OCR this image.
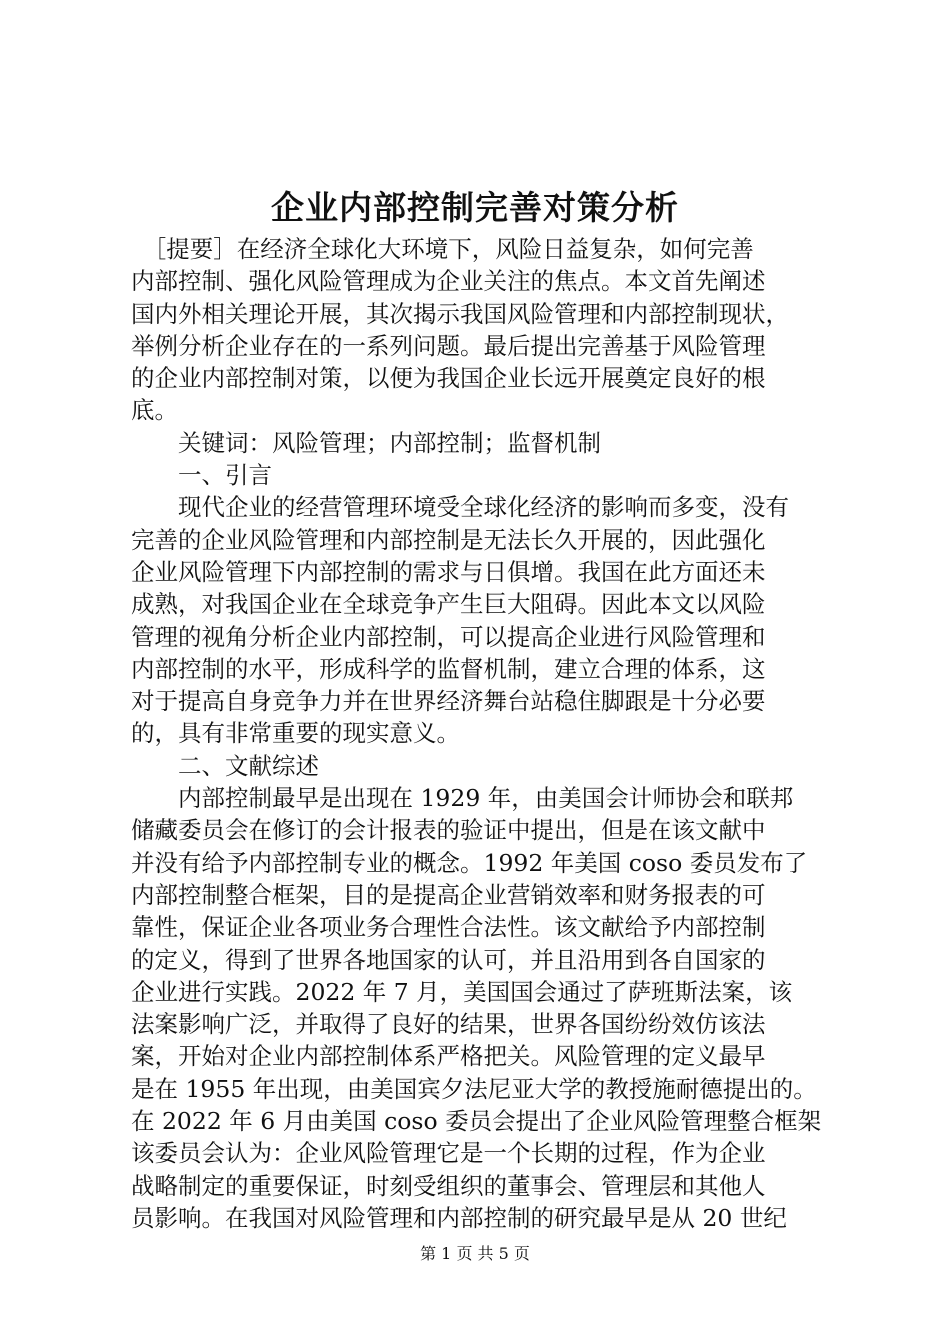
企业内部控制完善对策分析
　［提要］在经济全球化大环境下，风险日益复杂，如何完善
内部控制、强化风险管理成为企业关注的焦点。本文首先阐述
国内外相关理论开展，其次揭示我国风险管理和内部控制现状，
举例分析企业存在的一系列问题。最后提出完善基于风险管理
的企业内部控制对策，以便为我国企业长远开展奠定良好的根
底。
　　关键词：风险管理；内部控制；监督机制
　　一、引言
　　现代企业的经营管理环境受全球化经济的影响而多变，没有
完善的企业风险管理和内部控制是无法长久开展的，因此强化
企业风险管理下内部控制的需求与日俱增。我国在此方面还未
成熟，对我国企业在全球竞争产生巨大阻碍。因此本文以风险
管理的视角分析企业内部控制，可以提高企业进行风险管理和
内部控制的水平，形成科学的监督机制，建立合理的体系，这
对于提高自身竞争力并在世界经济舞台站稳住脚跟是十分必要
的，具有非常重要的现实意义。
　　二、文献综述
　　内部控制最早是出现在 1929 年，由美国会计师协会和联邦
储藏委员会在修订的会计报表的验证中提出，但是在该文献中
并没有给予内部控制专业的概念。1992 年美国 coso 委员发布了
内部控制整合框架，目的是提高企业营销效率和财务报表的可
靠性，保证企业各项业务合理性合法性。该文献给予内部控制
的定义，得到了世界各地国家的认可，并且沿用到各自国家的
企业进行实践。2022 年 7 月，美国国会通过了萨班斯法案，该
法案影响广泛，并取得了良好的结果，世界各国纷纷效仿该法
案，开始对企业内部控制体系严格把关。风险管理的定义最早
是在 1955 年出现，由美国宾夕法尼亚大学的教授施耐德提出的。
在 2022 年 6 月由美国 coso 委员会提出了企业风险管理整合框架
该委员会认为：企业风险管理它是一个长期的过程，作为企业
战略制定的重要保证，时刻受组织的董事会、管理层和其他人
员影响。在我国对风险管理和内部控制的研究最早是从 20 世纪
第 1 页 共 5 页
